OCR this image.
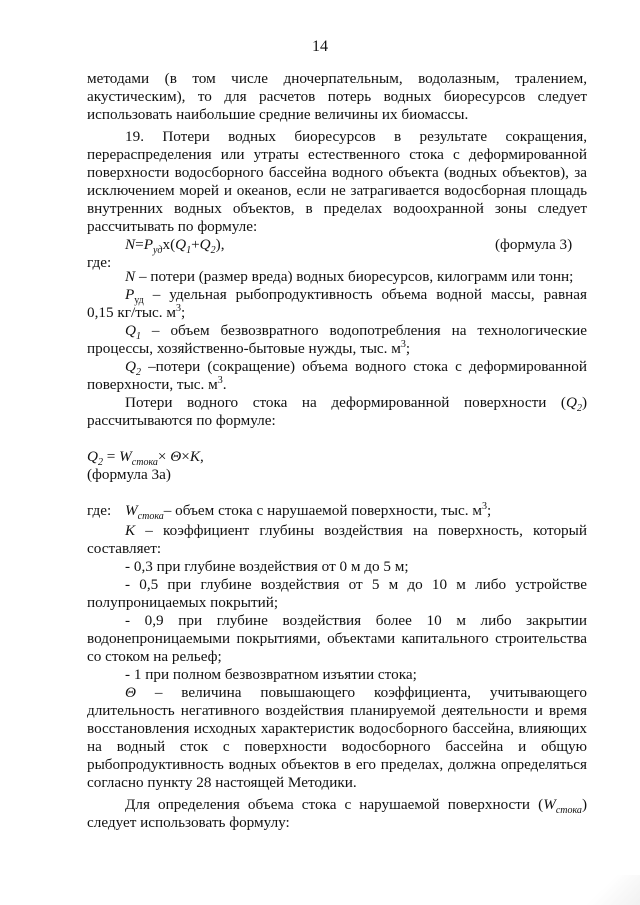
14
методами (в том числе дночерпательным, водолазным, тралением,
акустическим), то для расчетов потерь водных биоресурсов следует
использовать наибольшие средние величины их биомассы.
19. Потери водных биоресурсов в результате сокращения,
перераспределения или утраты естественного стока с деформированной
поверхности водосборного бассейна водного объекта (водных объектов), за
исключением морей и океанов, если не затрагивается водосборная площадь
внутренних водных объектов, в пределах водоохранной зоны следует
рассчитывать по формуле:
$N=P_{уд}x(Q_1+Q_2)$,	(формула 3)
где:
N – потери (размер вреда) водных биоресурсов, килограмм или тонн;
$P_{уд}$ – удельная рыбопродуктивность объема водной массы, равная
0,15 кг/тыс. $м^3$;
$Q_1$ – объем безвозвратного водопотребления на технологические
процессы, хозяйственно-бытовые нужды, тыс. $м^3$;
$Q_2$ –потери (сокращение) объема водного стока с деформированной
поверхности, тыс. $м^3$.
Потери водного стока на деформированной поверхности $(Q_2)$
рассчитываются по формуле:
$Q_2 = W_{стока}\times \Theta\times K$,
(формула 3а)
где: $W_{стока}-$ объем стока с нарушаемой поверхности, тыс. $м^3$;
K – коэффициент глубины воздействия на поверхность, который
составляет:
- 0,3 при глубине воздействия от 0 м до 5 м;
- 0,5 при глубине воздействия от 5 м до 10 м либо устройстве
полупроницаемых покрытий;
- 0,9 при глубине воздействия более 10 м либо закрытии
водонепроницаемыми покрытиями, объектами капитального строительства
со стоком на рельеф;
- 1 при полном безвозвратном изъятии стока;
Θ – величина повышающего коэффициента, учитывающего
длительность негативного воздействия планируемой деятельности и время
восстановления исходных характеристик водосборного бассейна, влияющих
на водный сток с поверхности водосборного бассейна и общую
рыбопродуктивность водных объектов в его пределах, должна определяться
согласно пункту 28 настоящей Методики.
Для определения объема стока с нарушаемой поверхности $(W_{стока})$
следует использовать формулу:
